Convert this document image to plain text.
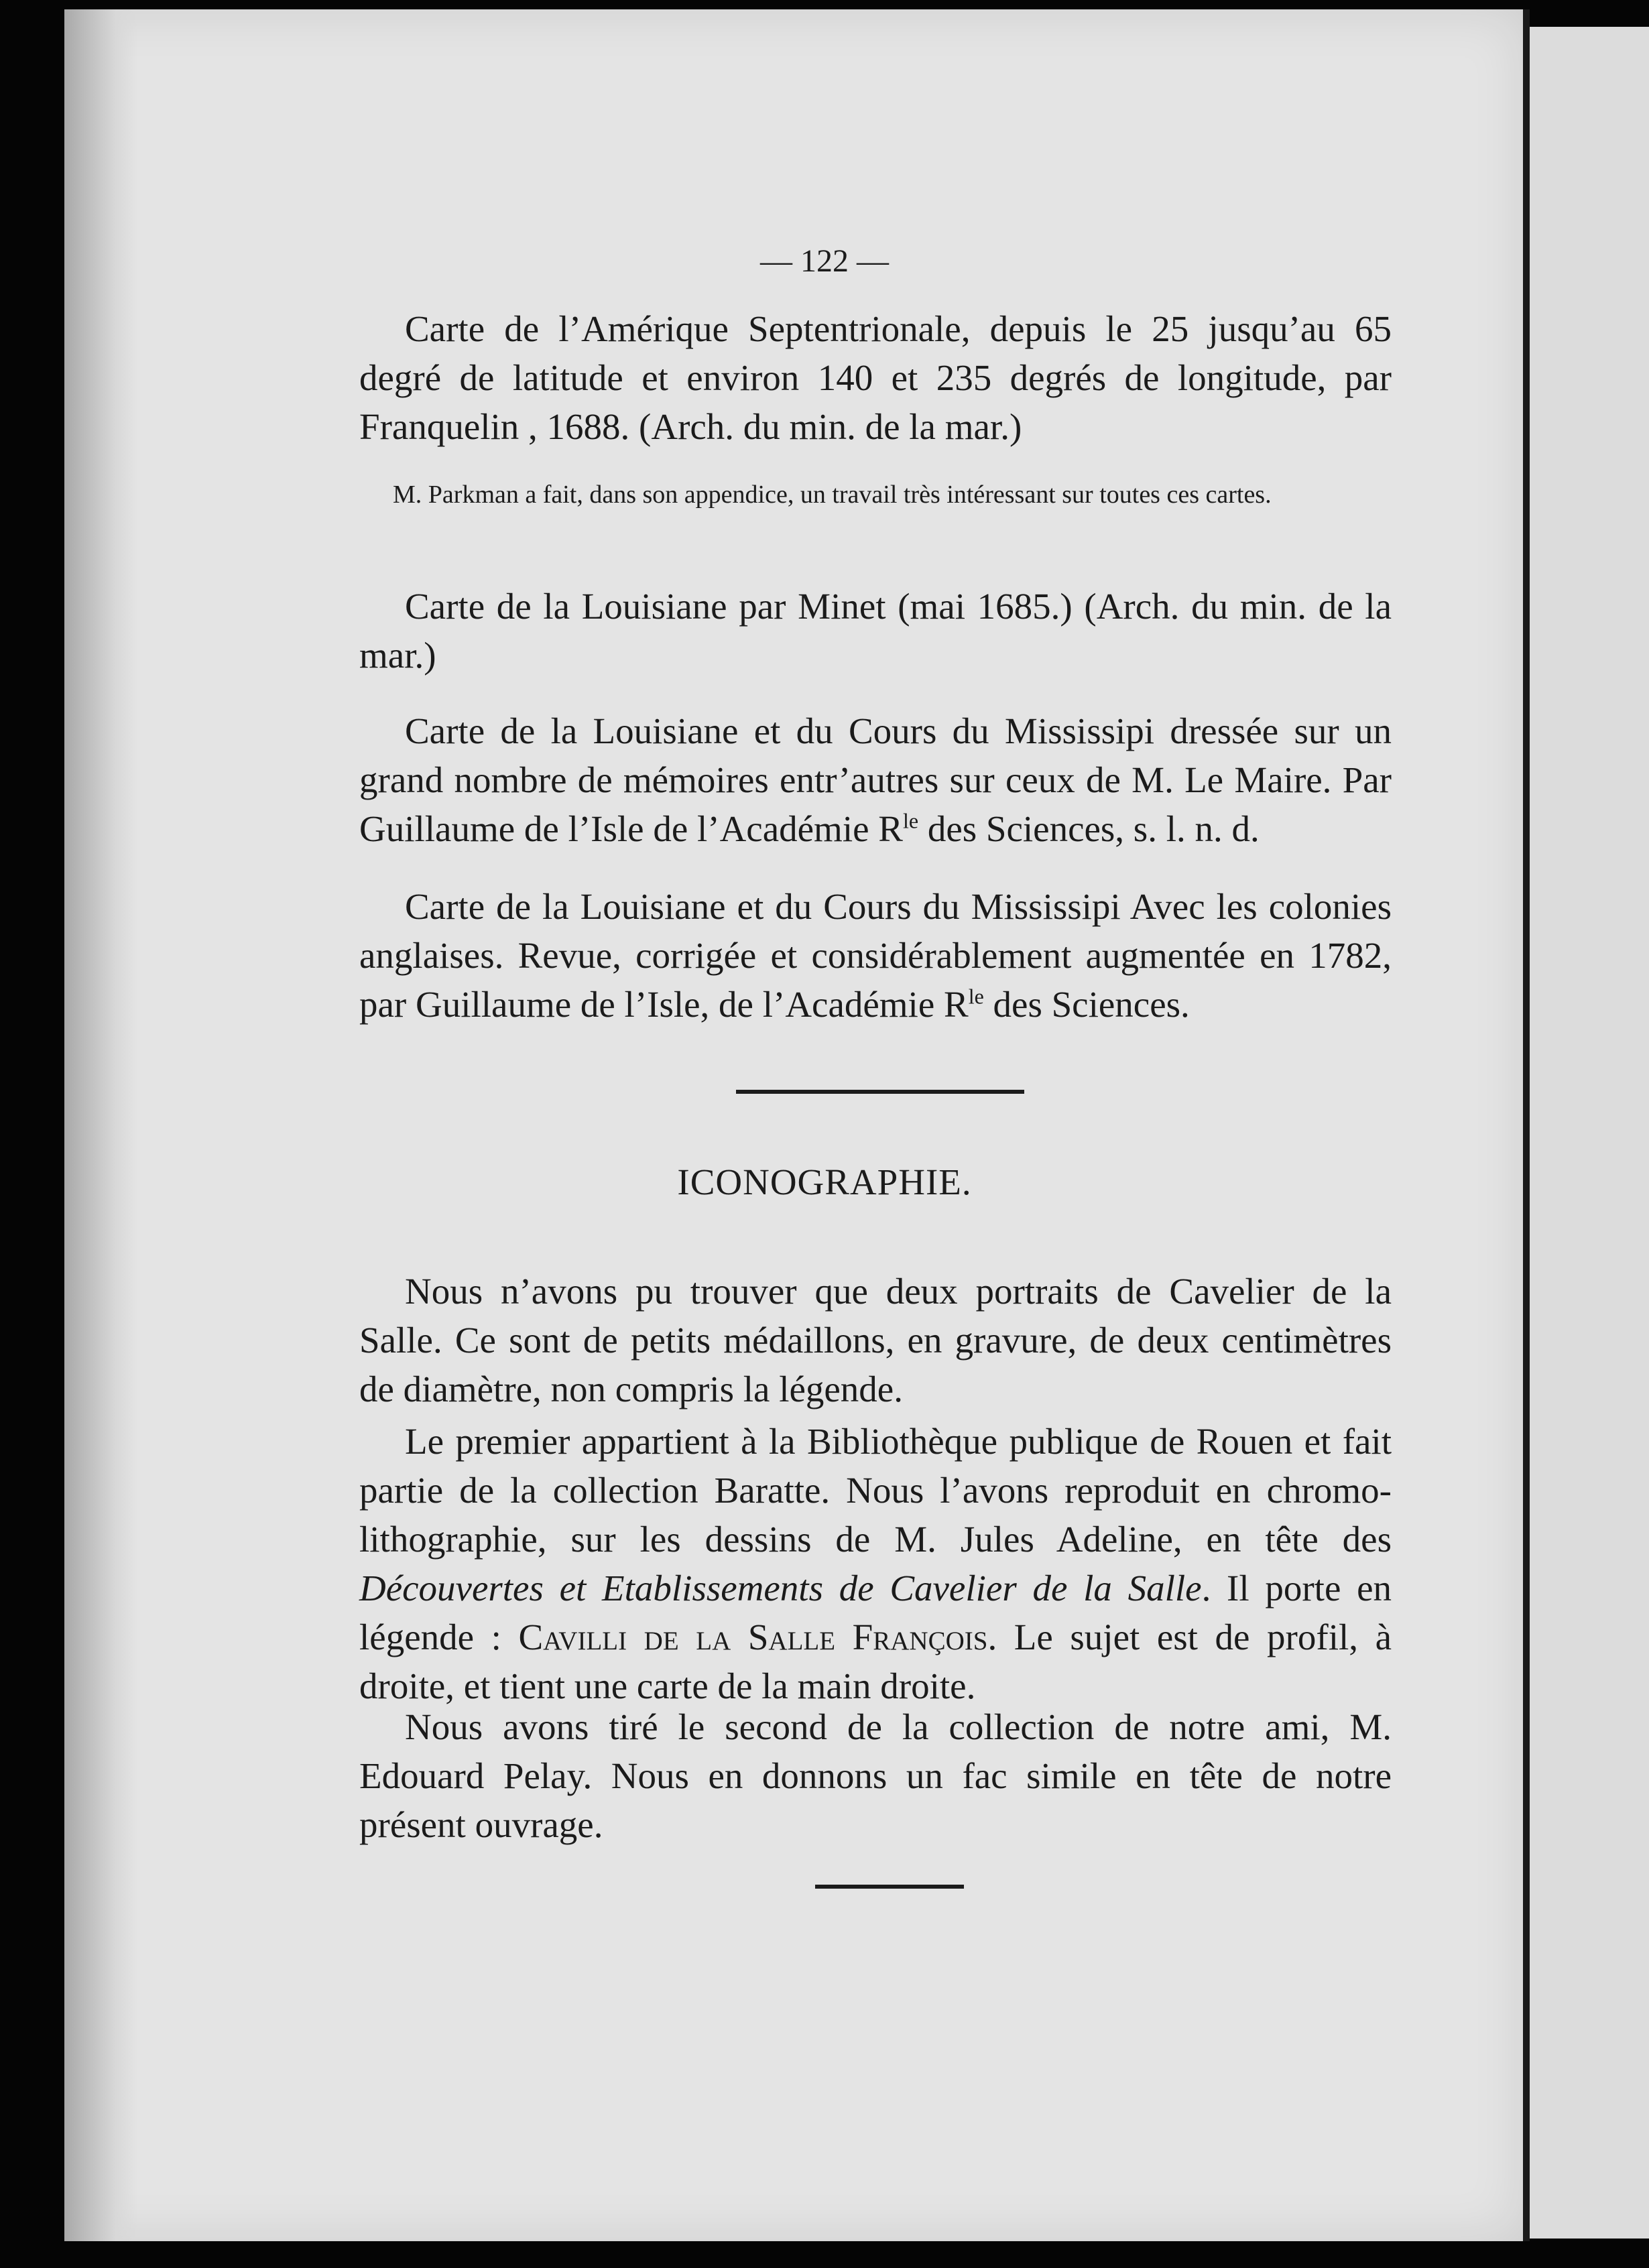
— 122 —
Carte de l’Amérique Septentrionale, depuis le 25 jusqu’au 65 degré de latitude et environ 140 et 235 degrés de longitude, par Franquelin , 1688. (Arch. du min. de la mar.)
M. Parkman a fait, dans son appendice, un travail très intéressant sur toutes ces cartes.
Carte de la Louisiane par Minet (mai 1685.) (Arch. du min. de la mar.)
Carte de la Louisiane et du Cours du Mississipi dressée sur un grand nombre de mémoires entr’autres sur ceux de M. Le Maire. Par Guillaume de l’Isle de l’Académie $R^{le}$ des Sciences, s. l. n. d.
Carte de la Louisiane et du Cours du Mississipi Avec les colonies anglaises. Revue, corrigée et considérablement augmentée en 1782, par Guillaume de l’Isle, de l’Académie $R^{le}$ des Sciences.
ICONOGRAPHIE.
Nous n’avons pu trouver que deux portraits de Cavelier de la Salle. Ce sont de petits médaillons, en gravure, de deux centimètres de diamètre, non compris la légende.
Le premier appartient à la Bibliothèque publique de Rouen et fait partie de la collection Baratte. Nous l’avons reproduit en chromo-lithographie, sur les dessins de M. Jules Adeline, en tête des Découvertes et Etablissements de Cavelier de la Salle. Il porte en légende : Cavilli de la Salle François. Le sujet est de profil, à droite, et tient une carte de la main droite.
Nous avons tiré le second de la collection de notre ami, M. Edouard Pelay. Nous en donnons un fac simile en tête de notre présent ouvrage.
